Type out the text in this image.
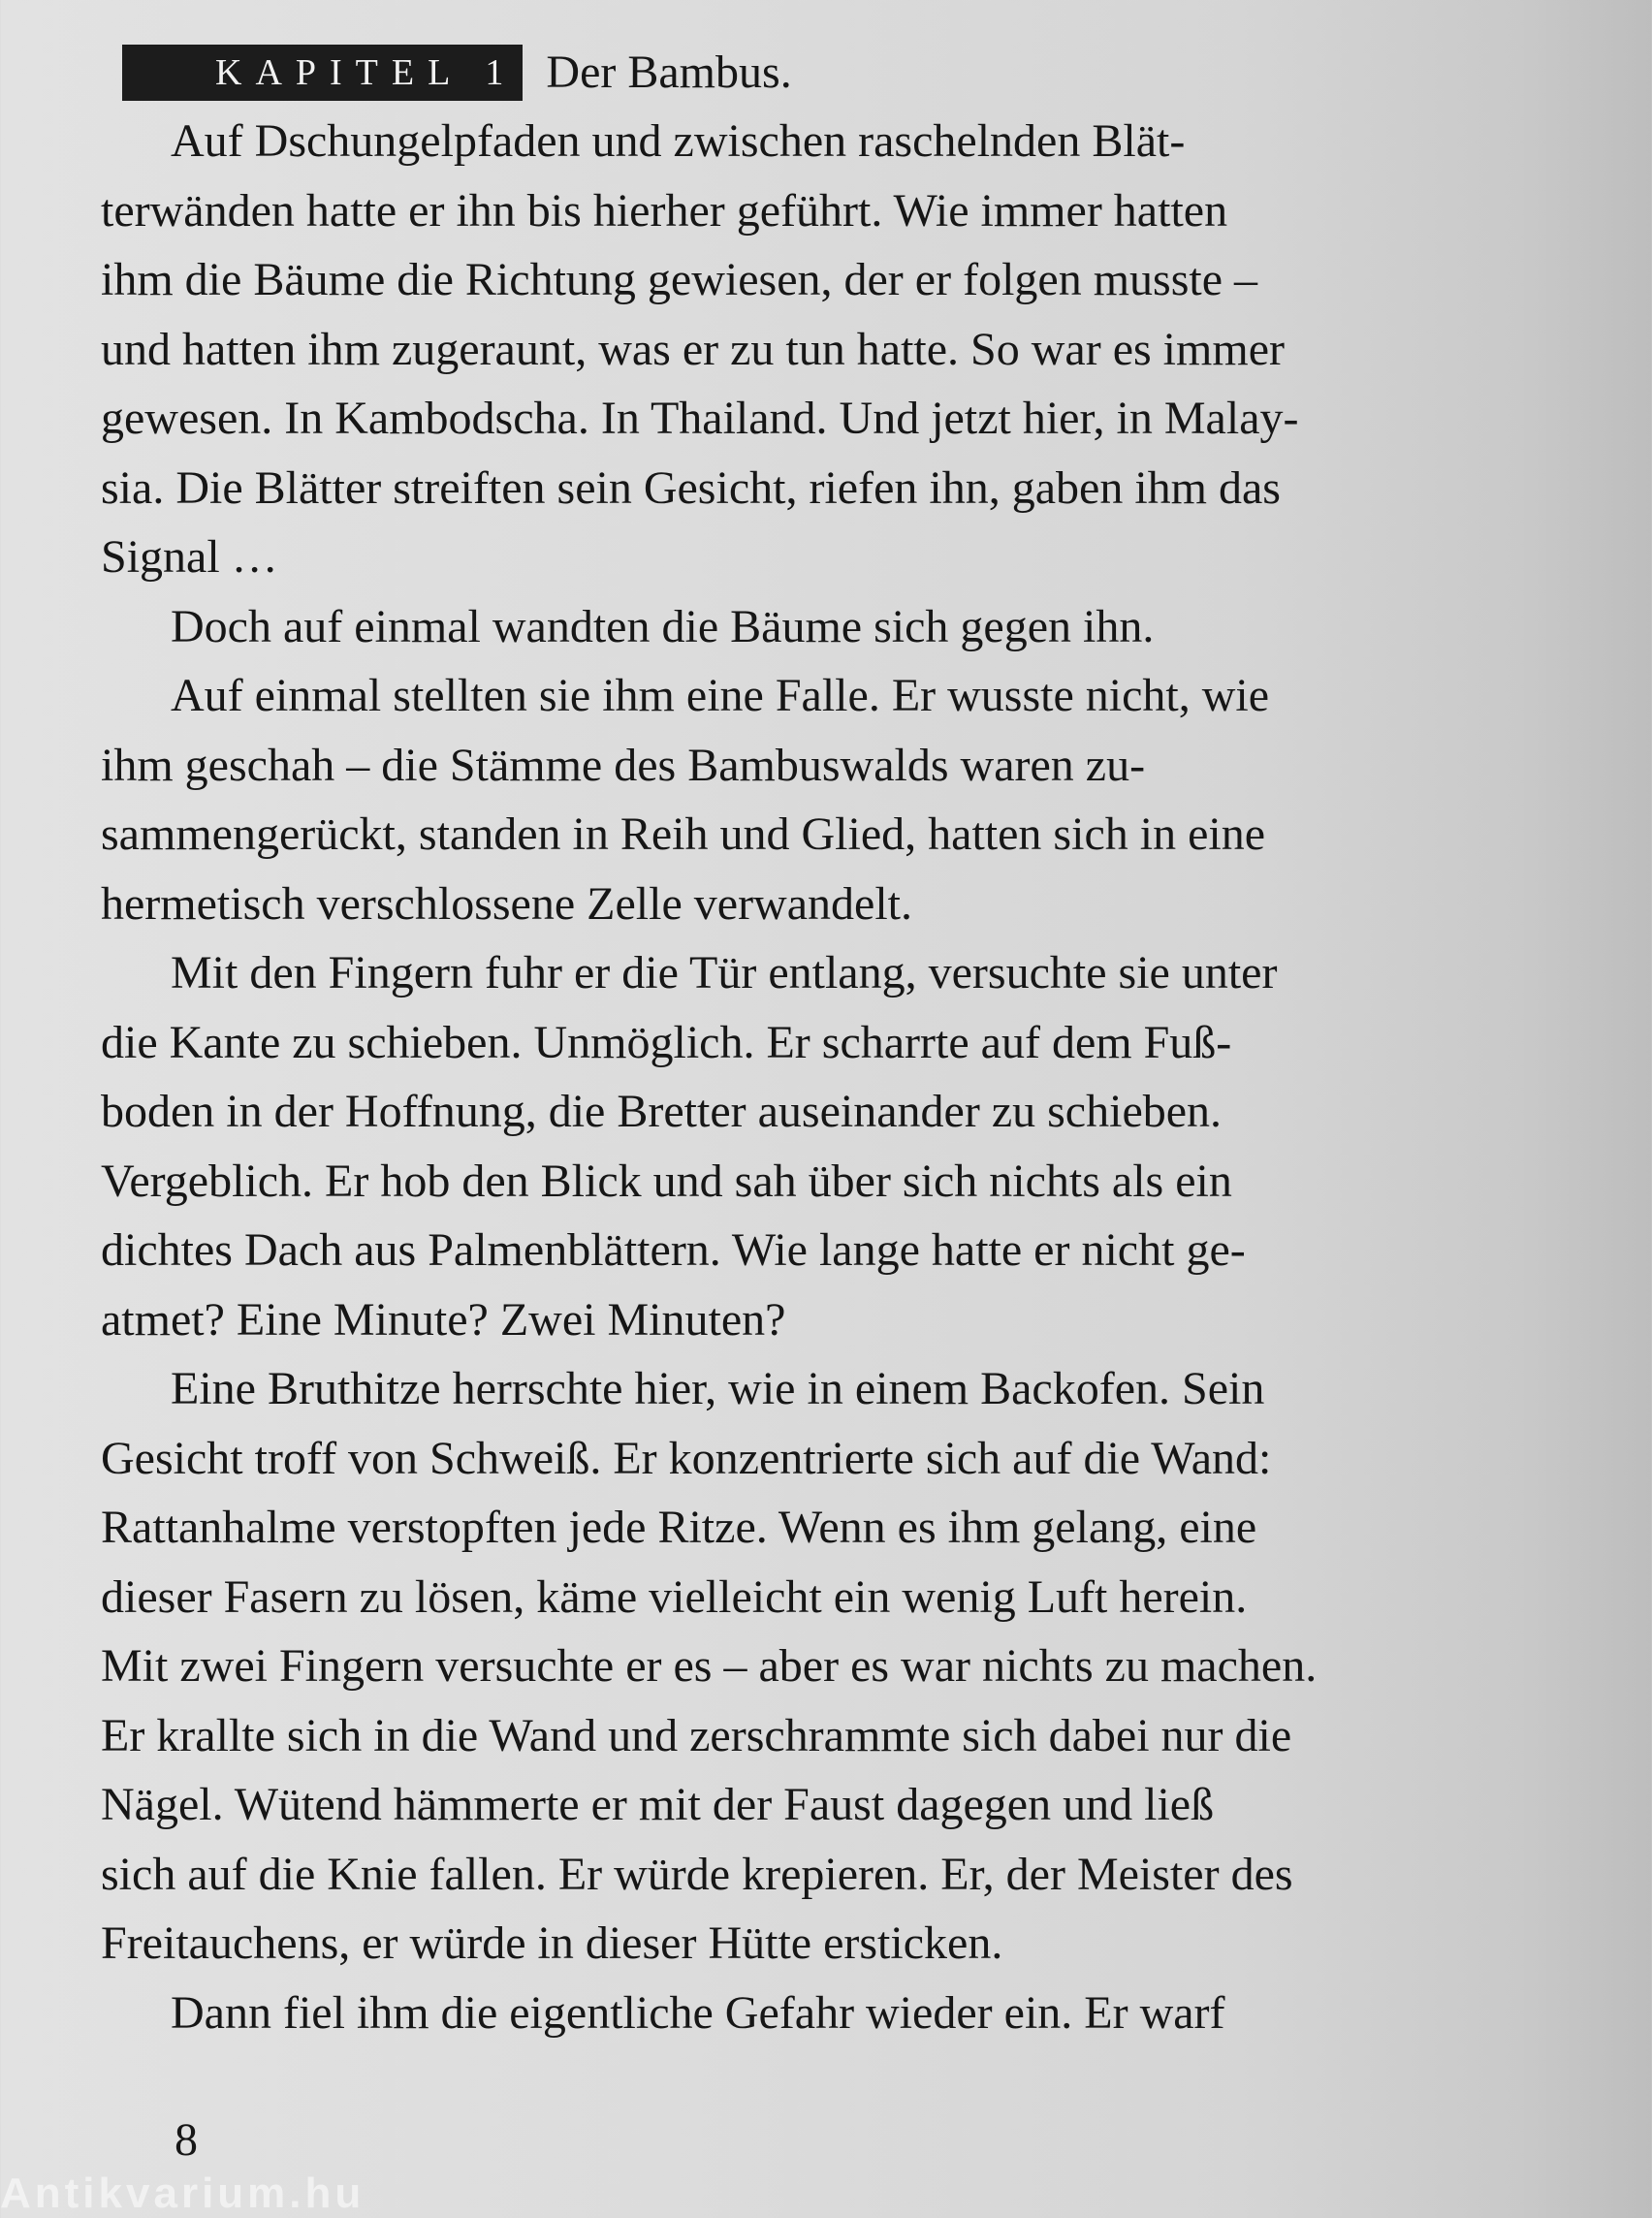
KAPITEL 1 Der Bambus.

Auf Dschungelpfaden und zwischen raschelnden Blät-
terwänden hatte er ihn bis hierher geführt. Wie immer hatten
ihm die Bäume die Richtung gewiesen, der er folgen musste –
und hatten ihm zugeraunt, was er zu tun hatte. So war es immer
gewesen. In Kambodscha. In Thailand. Und jetzt hier, in Malay-
sia. Die Blätter streiften sein Gesicht, riefen ihn, gaben ihm das
Signal …

Doch auf einmal wandten die Bäume sich gegen ihn.

Auf einmal stellten sie ihm eine Falle. Er wusste nicht, wie
ihm geschah – die Stämme des Bambuswalds waren zu-
sammengerückt, standen in Reih und Glied, hatten sich in eine
hermetisch verschlossene Zelle verwandelt.

Mit den Fingern fuhr er die Tür entlang, versuchte sie unter
die Kante zu schieben. Unmöglich. Er scharrte auf dem Fuß-
boden in der Hoffnung, die Bretter auseinander zu schieben.
Vergeblich. Er hob den Blick und sah über sich nichts als ein
dichtes Dach aus Palmenblättern. Wie lange hatte er nicht ge-
atmet? Eine Minute? Zwei Minuten?

Eine Bruthitze herrschte hier, wie in einem Backofen. Sein
Gesicht troff von Schweiß. Er konzentrierte sich auf die Wand:
Rattanhalme verstopften jede Ritze. Wenn es ihm gelang, eine
dieser Fasern zu lösen, käme vielleicht ein wenig Luft herein.
Mit zwei Fingern versuchte er es – aber es war nichts zu machen.
Er krallte sich in die Wand und zerschrammte sich dabei nur die
Nägel. Wütend hämmerte er mit der Faust dagegen und ließ
sich auf die Knie fallen. Er würde krepieren. Er, der Meister des
Freitauchens, er würde in dieser Hütte ersticken.

Dann fiel ihm die eigentliche Gefahr wieder ein. Er warf

8
Antikvarium.hu
